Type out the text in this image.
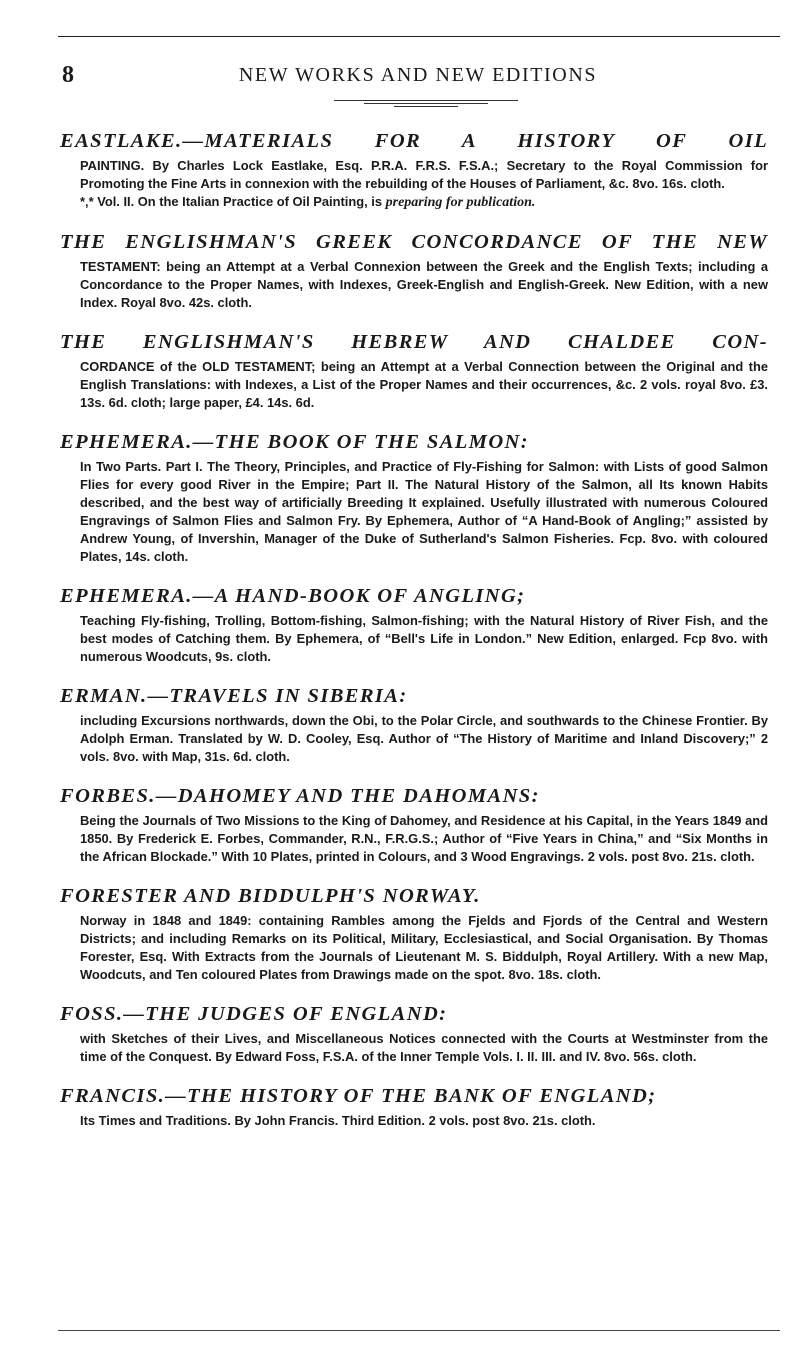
8	NEW WORKS AND NEW EDITIONS
EASTLAKE.—MATERIALS FOR A HISTORY OF OIL
PAINTING. By Charles Lock Eastlake, Esq. P.R.A. F.R.S. F.S.A.; Secretary to the Royal Commission for Promoting the Fine Arts in connexion with the rebuilding of the Houses of Parliament, &c. 8vo. 16s. cloth.
*‚* Vol. II. On the Italian Practice of Oil Painting, is preparing for publication.
THE ENGLISHMAN'S GREEK CONCORDANCE OF THE NEW
TESTAMENT: being an Attempt at a Verbal Connexion between the Greek and the English Texts; including a Concordance to the Proper Names, with Indexes, Greek-English and English-Greek. New Edition, with a new Index. Royal 8vo. 42s. cloth.
THE ENGLISHMAN'S HEBREW AND CHALDEE CON-
CORDANCE of the OLD TESTAMENT; being an Attempt at a Verbal Connection between the Original and the English Translations: with Indexes, a List of the Proper Names and their occurrences, &c. 2 vols. royal 8vo. £3. 13s. 6d. cloth; large paper, £4. 14s. 6d.
EPHEMERA.—THE BOOK OF THE SALMON:
In Two Parts. Part I. The Theory, Principles, and Practice of Fly-Fishing for Salmon: with Lists of good Salmon Flies for every good River in the Empire; Part II. The Natural History of the Salmon, all Its known Habits described, and the best way of artificially Breeding It explained. Usefully illustrated with numerous Coloured Engravings of Salmon Flies and Salmon Fry. By Ephemera, Author of “A Hand-Book of Angling;” assisted by Andrew Young, of Invershin, Manager of the Duke of Sutherland's Salmon Fisheries. Fcp. 8vo. with coloured Plates, 14s. cloth.
EPHEMERA.—A HAND-BOOK OF ANGLING;
Teaching Fly-fishing, Trolling, Bottom-fishing, Salmon-fishing; with the Natural History of River Fish, and the best modes of Catching them. By Ephemera, of “Bell's Life in London.” New Edition, enlarged. Fcp 8vo. with numerous Woodcuts, 9s. cloth.
ERMAN.—TRAVELS IN SIBERIA:
including Excursions northwards, down the Obi, to the Polar Circle, and southwards to the Chinese Frontier. By Adolph Erman. Translated by W. D. Cooley, Esq. Author of “The History of Maritime and Inland Discovery;” 2 vols. 8vo. with Map, 31s. 6d. cloth.
FORBES.—DAHOMEY AND THE DAHOMANS:
Being the Journals of Two Missions to the King of Dahomey, and Residence at his Capital, in the Years 1849 and 1850. By Frederick E. Forbes, Commander, R.N., F.R.G.S.; Author of “Five Years in China,” and “Six Months in the African Blockade.” With 10 Plates, printed in Colours, and 3 Wood Engravings. 2 vols. post 8vo. 21s. cloth.
FORESTER AND BIDDULPH'S NORWAY.
Norway in 1848 and 1849: containing Rambles among the Fjelds and Fjords of the Central and Western Districts; and including Remarks on its Political, Military, Ecclesiastical, and Social Organisation. By Thomas Forester, Esq. With Extracts from the Journals of Lieutenant M. S. Biddulph, Royal Artillery. With a new Map, Woodcuts, and Ten coloured Plates from Drawings made on the spot. 8vo. 18s. cloth.
FOSS.—THE JUDGES OF ENGLAND:
with Sketches of their Lives, and Miscellaneous Notices connected with the Courts at Westminster from the time of the Conquest. By Edward Foss, F.S.A. of the Inner Temple Vols. I. II. III. and IV. 8vo. 56s. cloth.
FRANCIS.—THE HISTORY OF THE BANK OF ENGLAND;
Its Times and Traditions. By John Francis. Third Edition. 2 vols. post 8vo. 21s. cloth.
